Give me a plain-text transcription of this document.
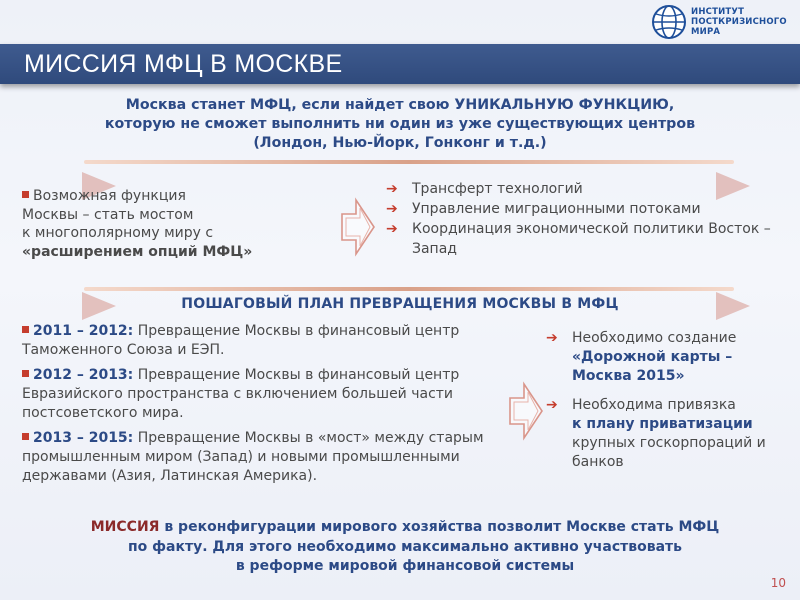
ИНСТИТУТ
ПОСТКРИЗИСНОГО
МИРА
МИССИЯ МФЦ В МОСКВЕ
Москва станет МФЦ, если найдет свою УНИКАЛЬНУЮ ФУНКЦИЮ,
которую не сможет выполнить ни один из уже существующих центров
(Лондон, Нью-Йорк, Гонконг и т.д.)
Возможная функция
Москвы – стать мостом
к многополярному миру с
«расширением опций МФЦ»
➔ Трансферт технологий
➔ Управление миграционными потоками
➔ Координация экономической политики Восток – Запад
ПОШАГОВЫЙ ПЛАН ПРЕВРАЩЕНИЯ МОСКВЫ В МФЦ
2011 – 2012: Превращение Москвы в финансовый центр Таможенного Союза и ЕЭП.
2012 – 2013: Превращение Москвы в финансовый центр Евразийского пространства с включением большей части постсоветского мира.
2013 – 2015: Превращение Москвы в «мост» между старым промышленным миром (Запад) и новыми промышленными державами (Азия, Латинская Америка).
➔ Необходимо создание
«Дорожной карты – Москва 2015»
➔ Необходима привязка
к плану приватизации
крупных госкорпораций и банков
МИССИЯ в реконфигурации мирового хозяйства позволит Москве стать МФЦ
по факту. Для этого необходимо максимально активно участвовать
в реформе мировой финансовой системы
10
